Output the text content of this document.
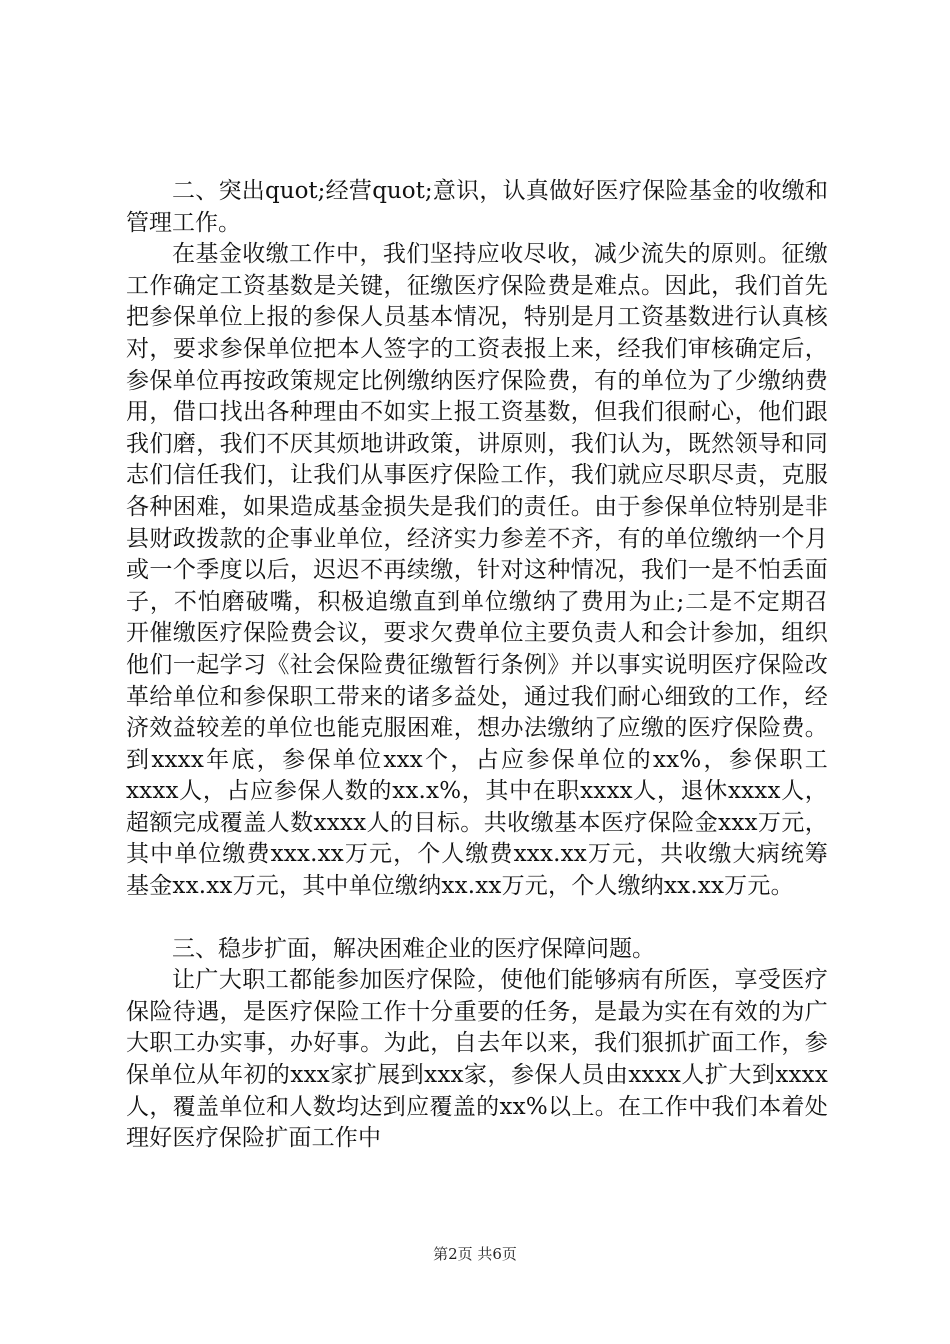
二、突出quot;经营quot;意识，认真做好医疗保险基金的收缴和管理工作。

在基金收缴工作中，我们坚持应收尽收，减少流失的原则。征缴工作确定工资基数是关键，征缴医疗保险费是难点。因此，我们首先把参保单位上报的参保人员基本情况，特别是月工资基数进行认真核对，要求参保单位把本人签字的工资表报上来，经我们审核确定后，参保单位再按政策规定比例缴纳医疗保险费，有的单位为了少缴纳费用，借口找出各种理由不如实上报工资基数，但我们很耐心，他们跟我们磨，我们不厌其烦地讲政策，讲原则，我们认为，既然领导和同志们信任我们，让我们从事医疗保险工作，我们就应尽职尽责，克服各种困难，如果造成基金损失是我们的责任。由于参保单位特别是非县财政拨款的企事业单位，经济实力参差不齐，有的单位缴纳一个月或一个季度以后，迟迟不再续缴，针对这种情况，我们一是不怕丢面子，不怕磨破嘴，积极追缴直到单位缴纳了费用为止;二是不定期召开催缴医疗保险费会议，要求欠费单位主要负责人和会计参加，组织他们一起学习《社会保险费征缴暂行条例》并以事实说明医疗保险改革给单位和参保职工带来的诸多益处，通过我们耐心细致的工作，经济效益较差的单位也能克服困难，想办法缴纳了应缴的医疗保险费。到xxxx年底，参保单位xxx个，占应参保单位的xx%，参保职工xxxx人，占应参保人数的xx.x%，其中在职xxxx人，退休xxxx人，超额完成覆盖人数xxxx人的目标。共收缴基本医疗保险金xxx万元，其中单位缴费xxx.xx万元，个人缴费xxx.xx万元，共收缴大病统筹基金xx.xx万元，其中单位缴纳xx.xx万元，个人缴纳xx.xx万元。

三、稳步扩面，解决困难企业的医疗保障问题。

让广大职工都能参加医疗保险，使他们能够病有所医，享受医疗保险待遇，是医疗保险工作十分重要的任务，是最为实在有效的为广大职工办实事，办好事。为此，自去年以来，我们狠抓扩面工作，参保单位从年初的xxx家扩展到xxx家，参保人员由xxxx人扩大到xxxx人，覆盖单位和人数均达到应覆盖的xx%以上。在工作中我们本着处理好医疗保险扩面工作中

第2页 共6页
